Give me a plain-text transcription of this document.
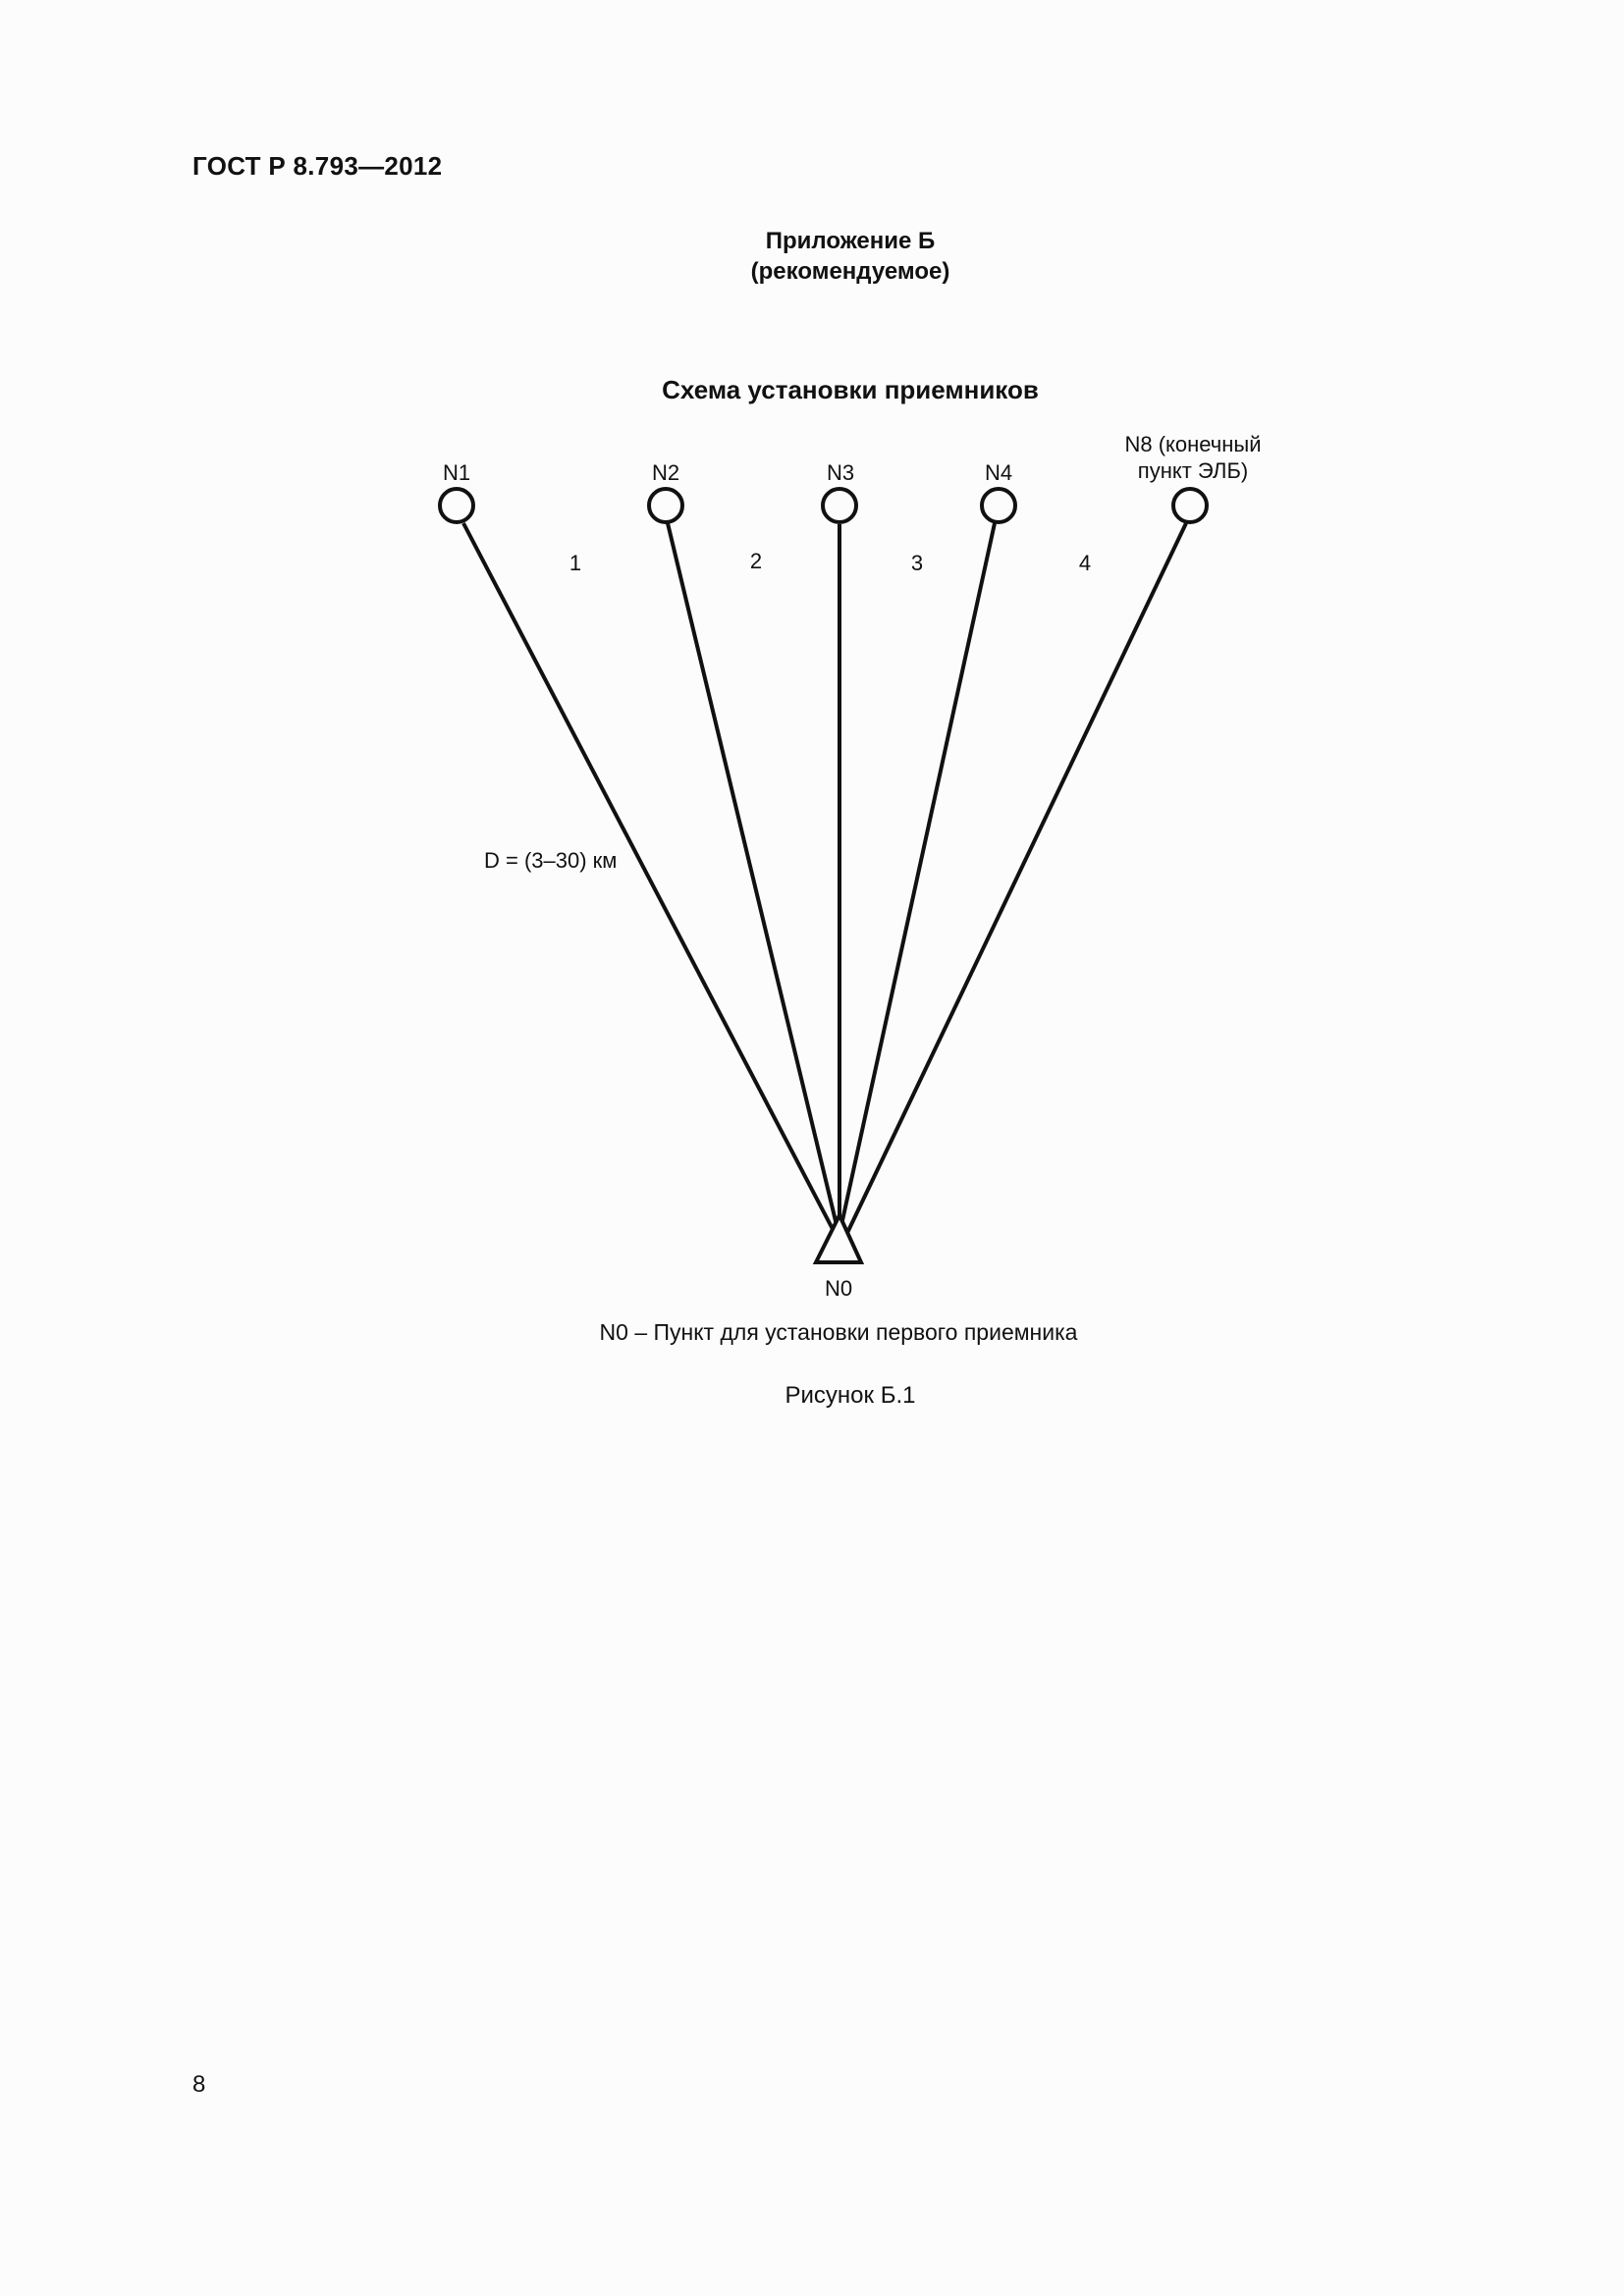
ГОСТ Р 8.793—2012
Приложение Б
(рекомендуемое)
Схема установки приемников
N1	N2	N3	N4
N8 (конечный
пункт ЭЛБ)
1	2	3	4
D = (3–30) км
N0
N0 – Пункт для установки первого приемника
Рисунок Б.1
8
